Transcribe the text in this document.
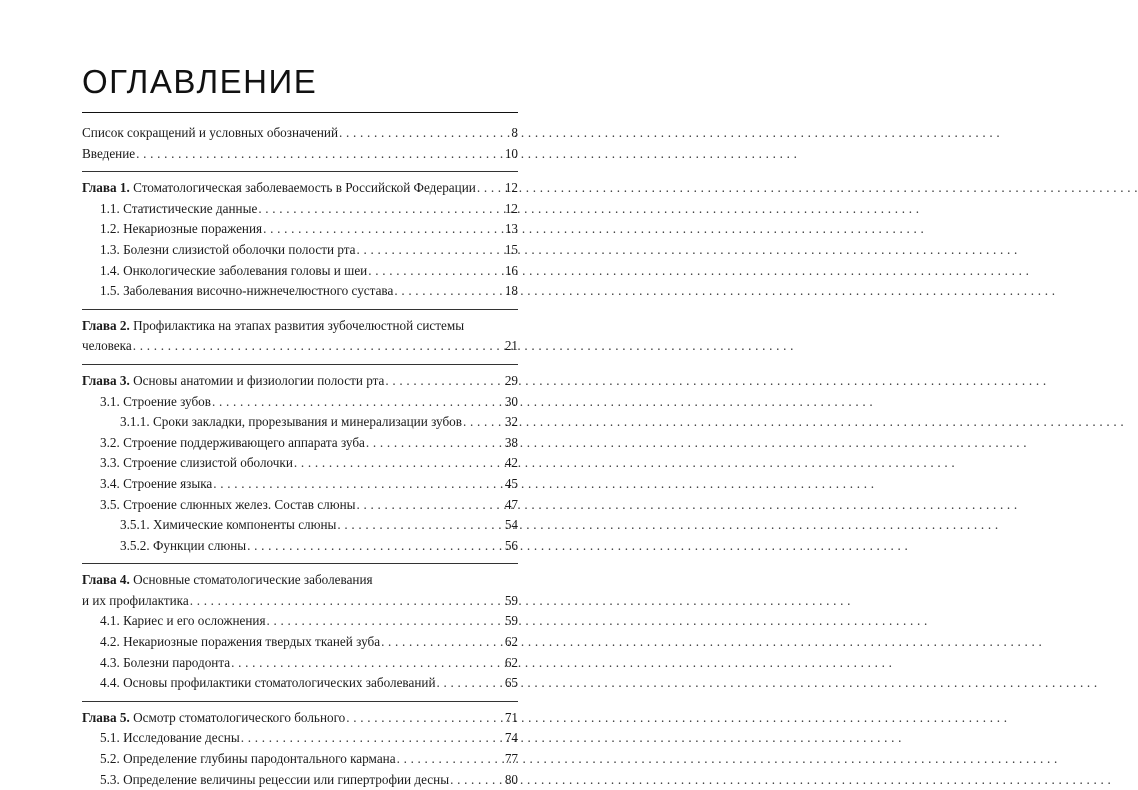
ОГЛАВЛЕНИЕ
Список сокращений и условных обозначений . . .	8
Введение . . .	10
Глава 1. Стоматологическая заболеваемость в Российской Федерации . . . 12
1.1. Статистические данные . . .	12
1.2. Некариозные поражения . . .	13
1.3. Болезни слизистой оболочки полости рта . . .	15
1.4. Онкологические заболевания головы и шеи . . .	16
1.5. Заболевания височно-нижнечелюстного сустава . . .	18
Глава 2. Профилактика на этапах развития зубочелюстной системы
человека . . .	21
Глава 3. Основы анатомии и физиологии полости рта . . .	29
3.1. Строение зубов . . .	30
3.1.1. Сроки закладки, прорезывания и минерализации зубов . . .	32
3.2. Строение поддерживающего аппарата зуба . . .	38
3.3. Строение слизистой оболочки . . .	42
3.4. Строение языка . . .	45
3.5. Строение слюнных желез. Состав слюны . . .	47
3.5.1. Химические компоненты слюны . . .	54
3.5.2. Функции слюны . . .	56
Глава 4. Основные стоматологические заболевания
и их профилактика . . .	59
4.1. Кариес и его осложнения . . .	59
4.2. Некариозные поражения твердых тканей зуба . . .	62
4.3. Болезни пародонта . . .	62
4.4. Основы профилактики стоматологических заболеваний . . .	65
Глава 5. Осмотр стоматологического больного . . .	71
5.1. Исследование десны . . .	74
5.2. Определение глубины пародонтального кармана . . .	77
5.3. Определение величины рецессии или гипертрофии десны . . .	80
